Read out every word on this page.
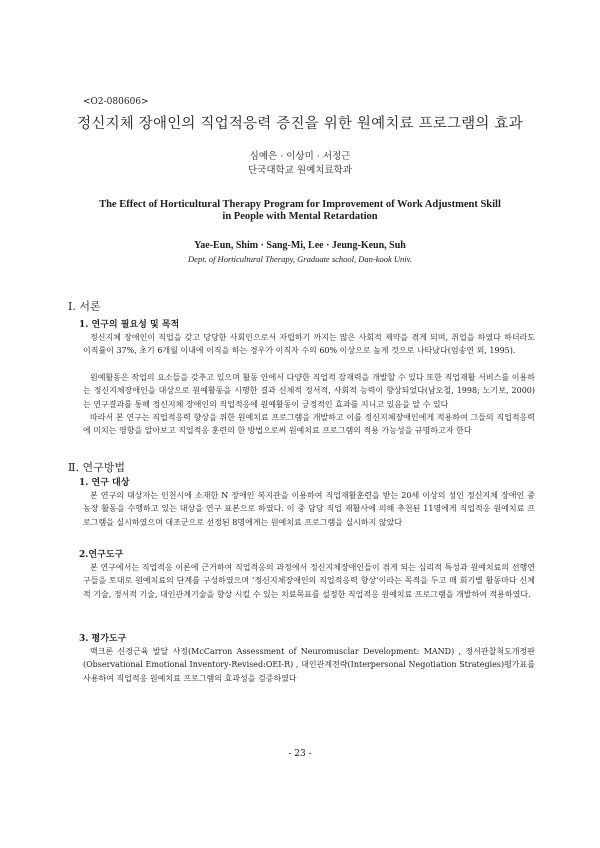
<O2-080606>
정신지체 장애인의 직업적응력 증진을 위한 원예치료 프로그램의 효과
심예은 · 이상미 · 서정근
단국대학교 원예치료학과
The Effect of Horticultural Therapy Program for Improvement of Work Adjustment Skill
in People with Mental Retardation
Yae-Eun, Shim · Sang-Mi, Lee · Jeung-Keun, Suh
Dept. of Horticultural Therapy, Graduate school, Dan-kook Univ.
Ⅰ. 서론
1. 연구의 필요성 및 목적
정신지체 장애인이 직업을 갖고 당당한 사회인으로서 자립하기 까지는 많은 사회적 제약을 겪게 되며, 취업을 하였다 하더라도 이직률이 37%, 초기 6개월 이내에 이직을 하는 경우가 이직자 수의 60% 이상으로 높게 것으로 나타났다(엄송연 외, 1995).
원예활동은 작업의 요소들을 갖추고 있으며 활동 안에서 다양한 직업적 잠재력을 개발할 수 있다 또한 직업재활 서비스를 이용하는 정신지체장애인을 대상으로 원예활동을 시행한 결과 신체적 정서적, 사회적 능력이 향상되었다(남오철, 1998; 노기보, 2000)는 연구결과를 통해 정신지체 장애인의 직업적응에 원예활동이 긍정적인 효과를 지니고 있음을 알 수 있다
따라서 본 연구는 직업적응력 향상을 위한 원예치료 프로그램을 개발하고 이를 정신지체장애인에게 적용하여 그들의 직업적응력에 미치는 영향을 알아보고 직업적응 훈련의 한 방법으로써 원예치료 프로그램의 적용 가능성을 규명하고자 한다
Ⅱ. 연구방법
1. 연구 대상
본 연구의 대상자는 인천시에 소재한 N 장애인 복지관을 이용하여 직업재활훈련을 받는 20세 이상의 성인 정신지체 장애인 중 농장 활동을 수행하고 있는 대상을 연구 표본으로 하였다. 이 중 담당 직업 재활사에 의해 추천된 11명에게 직업적응 원예치료 프로그램을 실시하였으며 대조군으로 선정된 8명에게는 원예치료 프로그램을 실시하지 않았다
2.연구도구
본 연구에서는 직업적응 이론에 근거하여 직업적응의 과정에서 정신지체장애인들이 겪게 되는 심리적 특성과 원예치료의 선행연구들을 토대로 원예치료의 단계를 구성하였으며 ‘정신지체장애인의 직업적응력 향상’이라는 목적을 두고 매 회기별 활동마다 신체적 기술, 정서적 기술, 대인관계기술을 향상 시킬 수 있는 치료목표를 설정한 직업적응 원예치료 프로그램을 개발하여 적용하였다.
3. 평가도구
맥크론 신경근육 발달 사정(McCarron Assessment of Neuromusclar Development: MAND) , 정서관찰척도개정판(Observational Emotional Inventory-Revised:OEI-R) , 대인관계전략(Interpersonal Negotiation Strategies)평가표를 사용하여 직업적응 원예치료 프로그램의 효과성을 검증하였다
- 23 -
